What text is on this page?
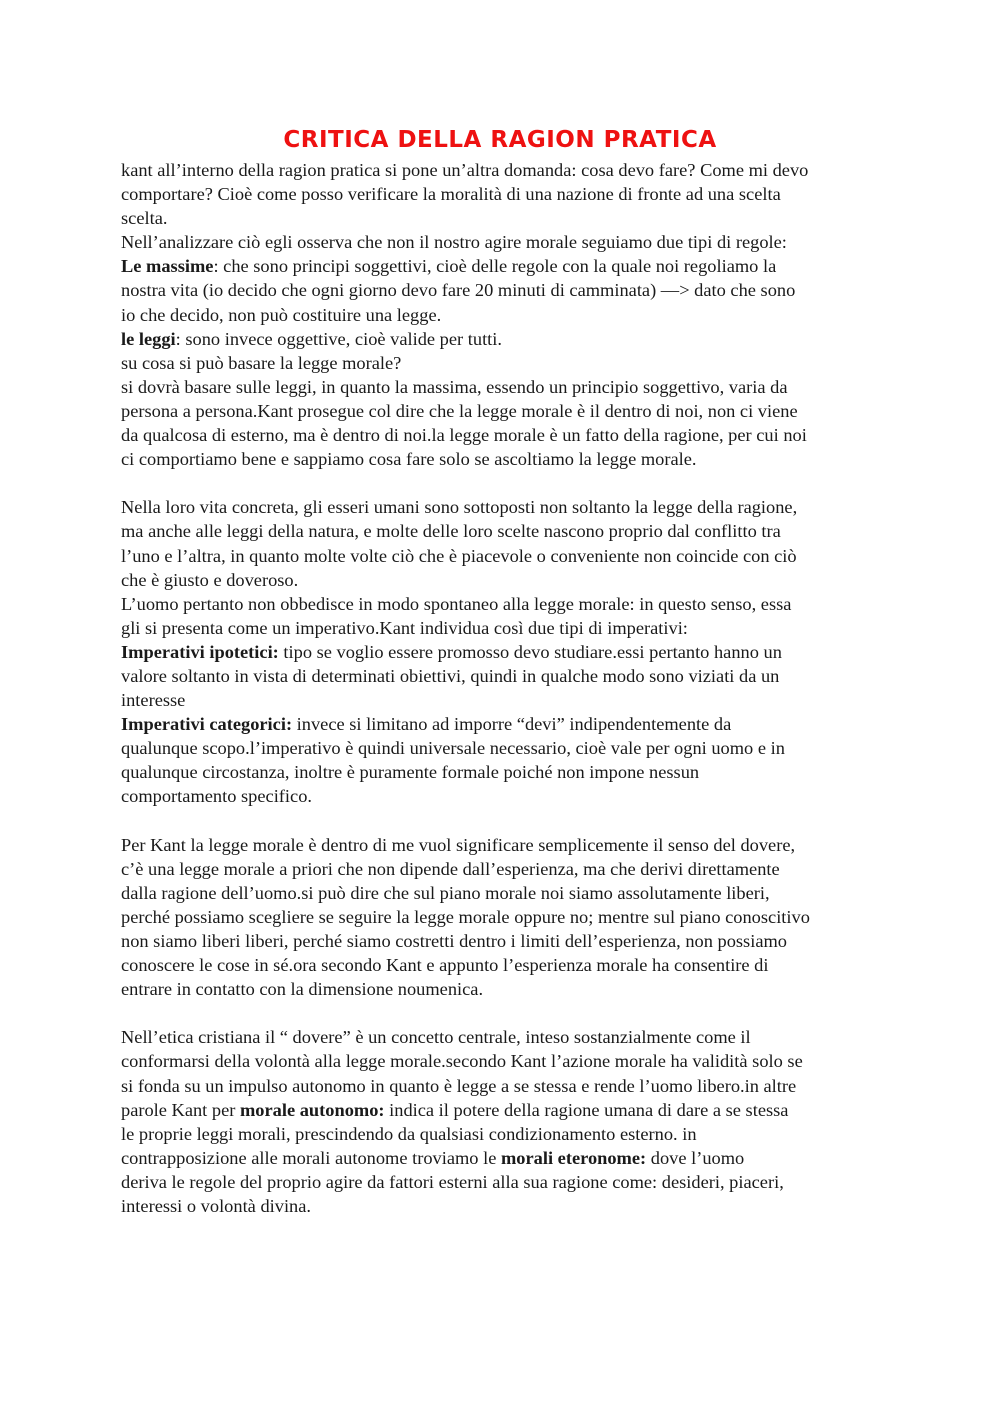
CRITICA DELLA RAGION PRATICA
kant all’interno della ragion pratica si pone un’altra domanda: cosa devo fare? Come mi devo
comportare? Cioè come posso verificare la moralità di una nazione di fronte ad una scelta
scelta.
Nell’analizzare ciò egli osserva che non il nostro agire morale seguiamo due tipi di regole:
Le massime: che sono principi soggettivi, cioè delle regole con la quale noi regoliamo la
nostra vita (io decido che ogni giorno devo fare 20 minuti di camminata) —> dato che sono
io che decido, non può costituire una legge.
le leggi: sono invece oggettive, cioè valide per tutti.
su cosa si può basare la legge morale?
si dovrà basare sulle leggi, in quanto la massima, essendo un principio soggettivo, varia da
persona a persona.Kant prosegue col dire che la legge morale è il dentro di noi, non ci viene
da qualcosa di esterno, ma è dentro di noi.la legge morale è un fatto della ragione, per cui noi
ci comportiamo bene e sappiamo cosa fare solo se ascoltiamo la legge morale.
Nella loro vita concreta, gli esseri umani sono sottoposti non soltanto la legge della ragione,
ma anche alle leggi della natura, e molte delle loro scelte nascono proprio dal conflitto tra
l’uno e l’altra, in quanto molte volte ciò che è piacevole o conveniente non coincide con ciò
che è giusto e doveroso.
L’uomo pertanto non obbedisce in modo spontaneo alla legge morale: in questo senso, essa
gli si presenta come un imperativo.Kant individua così due tipi di imperativi:
Imperativi ipotetici: tipo se voglio essere promosso devo studiare.essi pertanto hanno un
valore soltanto in vista di determinati obiettivi, quindi in qualche modo sono viziati da un
interesse
Imperativi categorici: invece si limitano ad imporre “devi” indipendentemente da
qualunque scopo.l’imperativo è quindi universale necessario, cioè vale per ogni uomo e in
qualunque circostanza, inoltre è puramente formale poiché non impone nessun
comportamento specifico.
Per Kant la legge morale è dentro di me vuol significare semplicemente il senso del dovere,
c’è una legge morale a priori che non dipende dall’esperienza, ma che derivi direttamente
dalla ragione dell’uomo.si può dire che sul piano morale noi siamo assolutamente liberi,
perché possiamo scegliere se seguire la legge morale oppure no; mentre sul piano conoscitivo
non siamo liberi liberi, perché siamo costretti dentro i limiti dell’esperienza, non possiamo
conoscere le cose in sé.ora secondo Kant e appunto l’esperienza morale ha consentire di
entrare in contatto con la dimensione noumenica.
Nell’etica cristiana il “ dovere” è un concetto centrale, inteso sostanzialmente come il
conformarsi della volontà alla legge morale.secondo Kant l’azione morale ha validità solo se
si fonda su un impulso autonomo in quanto è legge a se stessa e rende l’uomo libero.in altre
parole Kant per morale autonomo: indica il potere della ragione umana di dare a se stessa
le proprie leggi morali, prescindendo da qualsiasi condizionamento esterno. in
contrapposizione alle morali autonome troviamo le morali eteronome: dove l’uomo
deriva le regole del proprio agire da fattori esterni alla sua ragione come: desideri, piaceri,
interessi o volontà divina.
